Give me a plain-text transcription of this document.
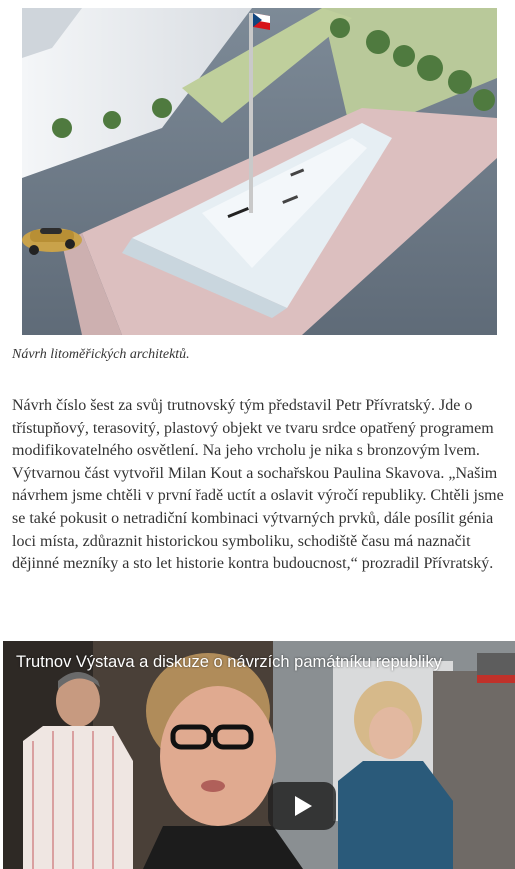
Návrh litoměřických architektů.

Návrh číslo šest za svůj trutnovský tým představil Petr Přívratský. Jde o třístupňový, terasovitý, plastový objekt ve tvaru srdce opatřený programem modifikovatelného osvětlení. Na jeho vrcholu je nika s bronzovým lvem. Výtvarnou část vytvořil Milan Kout a sochařskou Paulina Skavova. „Našim návrhem jsme chtěli v první řadě uctít a oslavit výročí republiky. Chtěli jsme se také pokusit o netradiční kombinaci výtvarných prvků, dále posílit génia loci místa, zdůraznit historickou symboliku, schodiště času má naznačit dějinné mezníky a sto let historie kontra budoucnost,“ prozradil Přívratský.

Trutnov Výstava a diskuze o návrzích památníku republiky
